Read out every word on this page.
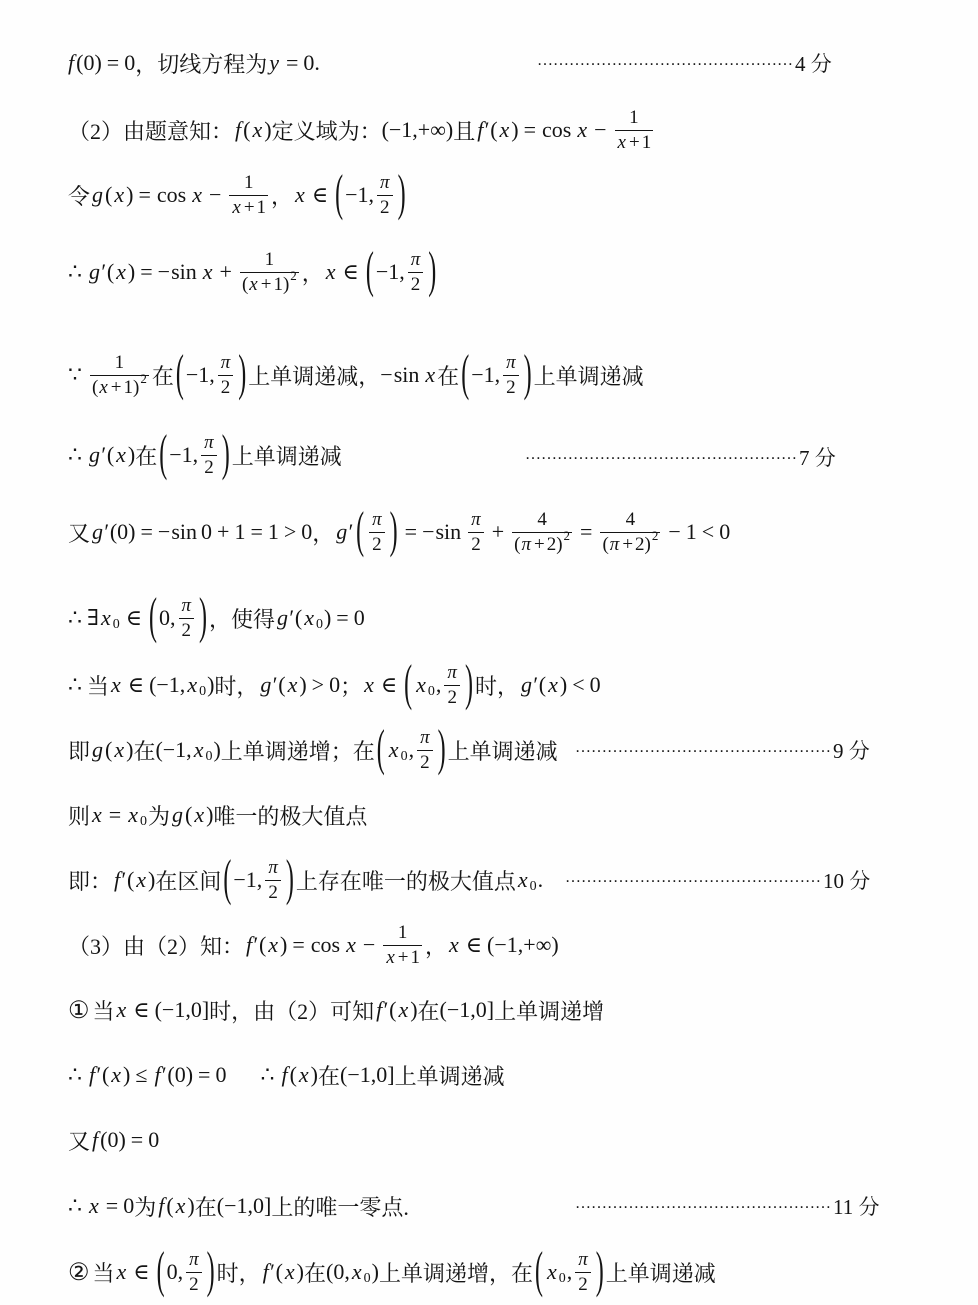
f (0) = 0 ，切线方程为 y = 0.
（2）由题意知： f ( x ) 定义域为： (−1,+∞) 且 f′ ( x ) = $\cos x - \frac{1}{x + 1}$
令 g ( x ) = $\cos x - \frac{1}{x + 1}$ ， x ∈ ( −1, $\frac{\pi}{2}$ )
∴ g′ ( x ) = − $\sin x + \frac{1}{( x + 1 ) 2}$ ， x ∈ ( −1, $\frac{\pi}{2}$ )
∵ $\frac{1}{( x + 1 ) 2}$ 在 ( −1, $\frac{\pi}{2}$ ) 上单调递减， − sin x 在 ( −1, $\frac{\pi}{2}$ ) 上单调递减
∴ g′ ( x ) 在 ( −1, $\frac{\pi}{2}$ ) 上单调递减
又 g′ (0) = − sin 0 + 1 = 1 > 0 ， g′ ( $\frac{\pi}{2}$ ) = − $\sin \frac{\pi}{2} + \frac{4}{( \pi + 2 ) 2} = \frac{4}{( \pi + 2 ) 2} - 1 < 0$
∴ ∃ x 0 ∈ ( 0, $\frac{\pi}{2}$ ) ，使得 g′ ( x 0 ) = 0
∴ 当 x ∈ (−1, x 0 ) 时， g′ ( x ) > 0 ； x ∈ ( x 0 , $\frac{\pi}{2}$ ) 时， g′ ( x ) < 0
即 g ( x ) 在 (−1, x 0 ) 上单调递增；在 ( x 0 , $\frac{\pi}{2}$ ) 上单调递减
则 x = x 0 为 g ( x ) 唯一的极大值点
即： f′ ( x ) 在区间 ( −1, $\frac{\pi}{2}$ ) 上存在唯一的极大值点 x 0 .
（3）由（2）知： f′ ( x ) = $\cos x - \frac{1}{x + 1}$ ， x ∈ (−1,+∞)
① 当 x ∈ (−1,0] 时，由（2）可知 f′ ( x ) 在 (−1,0] 上单调递增
∴ f′ ( x ) ≤ f′ (0) = 0 ∴ f ( x ) 在 (−1,0] 上单调递减
又 f (0) = 0
∴ x = 0 为 f ( x ) 在 (−1,0] 上的唯一零点.
② 当 x ∈ ( 0, $\frac{\pi}{2}$ ) 时， f′ ( x ) 在 (0, x 0 ) 上单调递增，在 ( x 0 , $\frac{\pi}{2}$ ) 上单调递减
………………………………………… 4 分
…………………………………………… 7 分
………………………………………… 9 分
………………………………………… 10 分
………………………………………… 11 分
